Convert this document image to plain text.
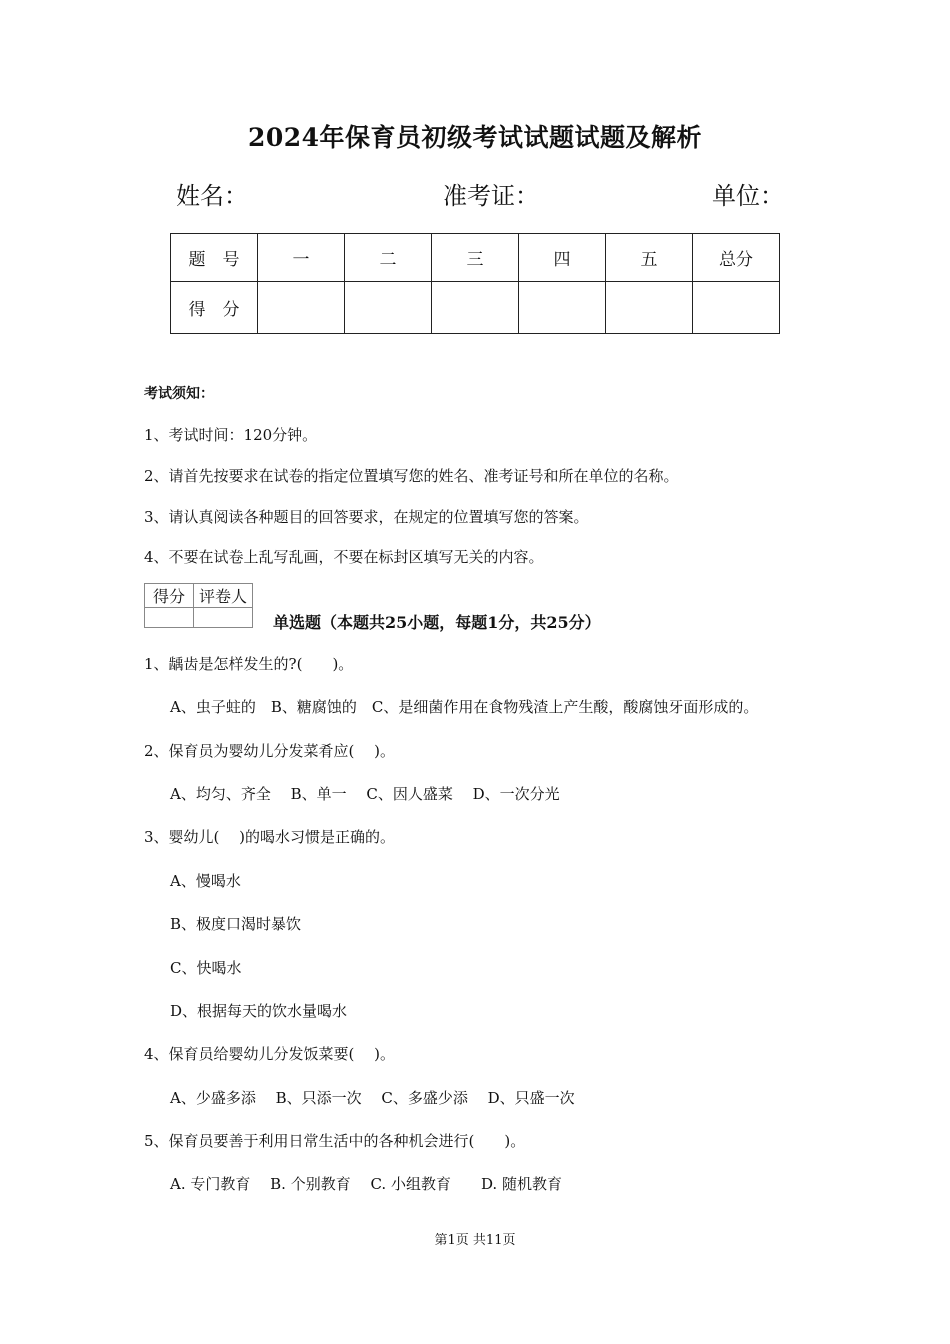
2024年保育员初级考试试题试题及解析
姓名：	准考证：	单位：
题　号	一	二	三	四	五	总分
得　分						
考试须知：
1、考试时间：120分钟。
2、请首先按要求在试卷的指定位置填写您的姓名、准考证号和所在单位的名称。
3、请认真阅读各种题目的回答要求，在规定的位置填写您的答案。
4、不要在试卷上乱写乱画，不要在标封区填写无关的内容。
得分	评卷人

单选题（本题共25小题，每题1分，共25分）
1、龋齿是怎样发生的?(　　)。
A、虫子蛀的　B、糖腐蚀的　C、是细菌作用在食物残渣上产生酸，酸腐蚀牙面形成的。
2、保育员为婴幼儿分发菜肴应(　 )。
A、均匀、齐全　 B、单一　 C、因人盛菜　 D、一次分光
3、婴幼儿(　 )的喝水习惯是正确的。
A、慢喝水
B、极度口渴时暴饮
C、快喝水
D、根据每天的饮水量喝水
4、保育员给婴幼儿分发饭菜要(　 )。
A、少盛多添　 B、只添一次　 C、多盛少添　 D、只盛一次
5、保育员要善于利用日常生活中的各种机会进行(　　)。
A. 专门教育　 B. 个别教育　 C. 小组教育　　D. 随机教育
第1页 共11页
